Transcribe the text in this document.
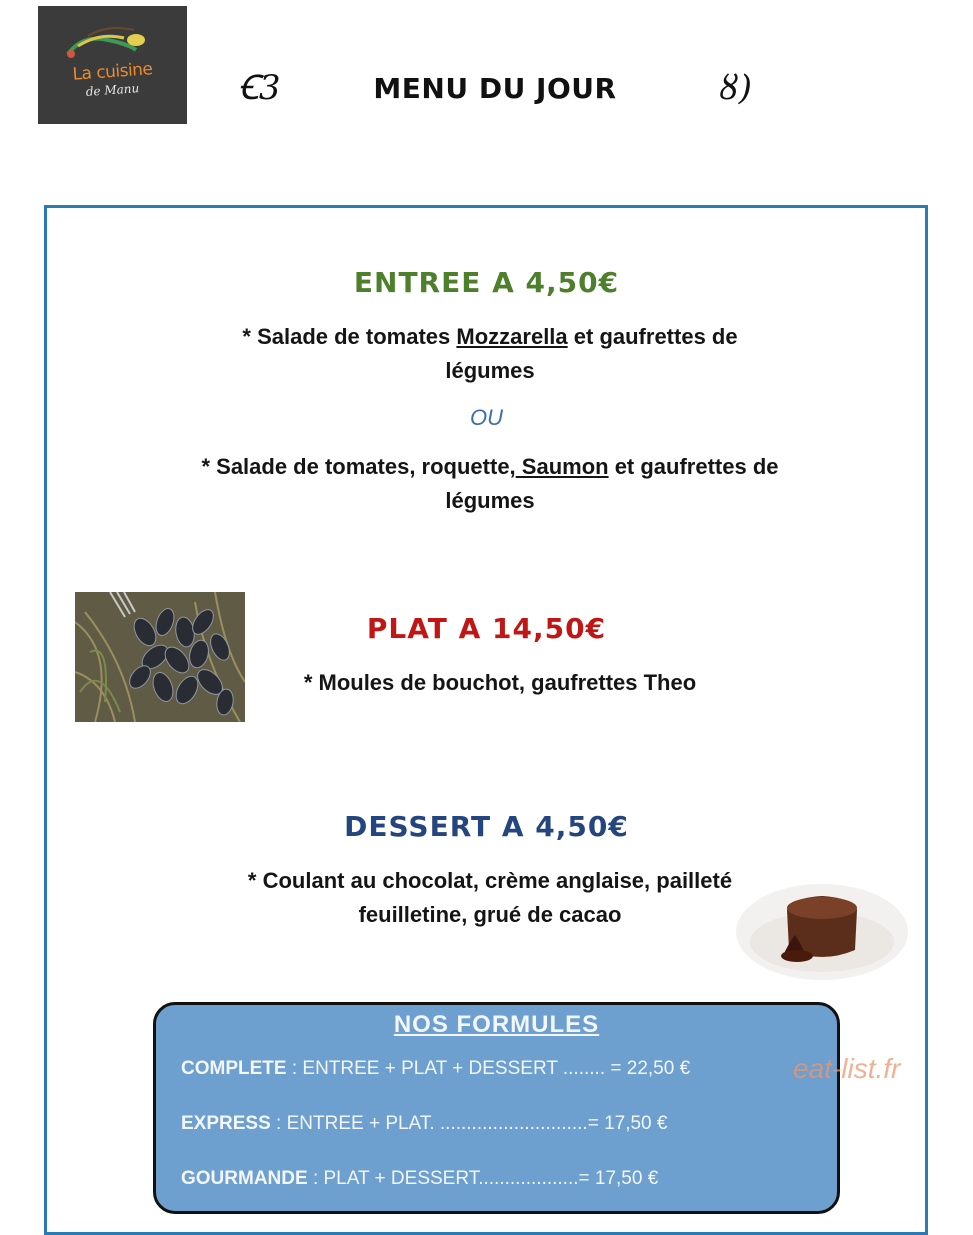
La cuisine
de Manu	Ꞓ3	MENU DU JOUR	ȣ)
ENTREE A 4,50€
* Salade de tomates Mozzarella et gaufrettes de légumes
OU
* Salade de tomates, roquette, Saumon et gaufrettes de légumes
PLAT A 14,50€
* Moules de bouchot, gaufrettes Theo
DESSERT A 4,50€
* Coulant au chocolat, crème anglaise, pailleté feuilletine, grué de cacao
NOS FORMULES
COMPLETE : ENTREE + PLAT + DESSERT ........ = 22,50 €
EXPRESS : ENTREE + PLAT. ............................= 17,50 €
GOURMANDE : PLAT + DESSERT...................= 17,50 €
eat-list.fr
